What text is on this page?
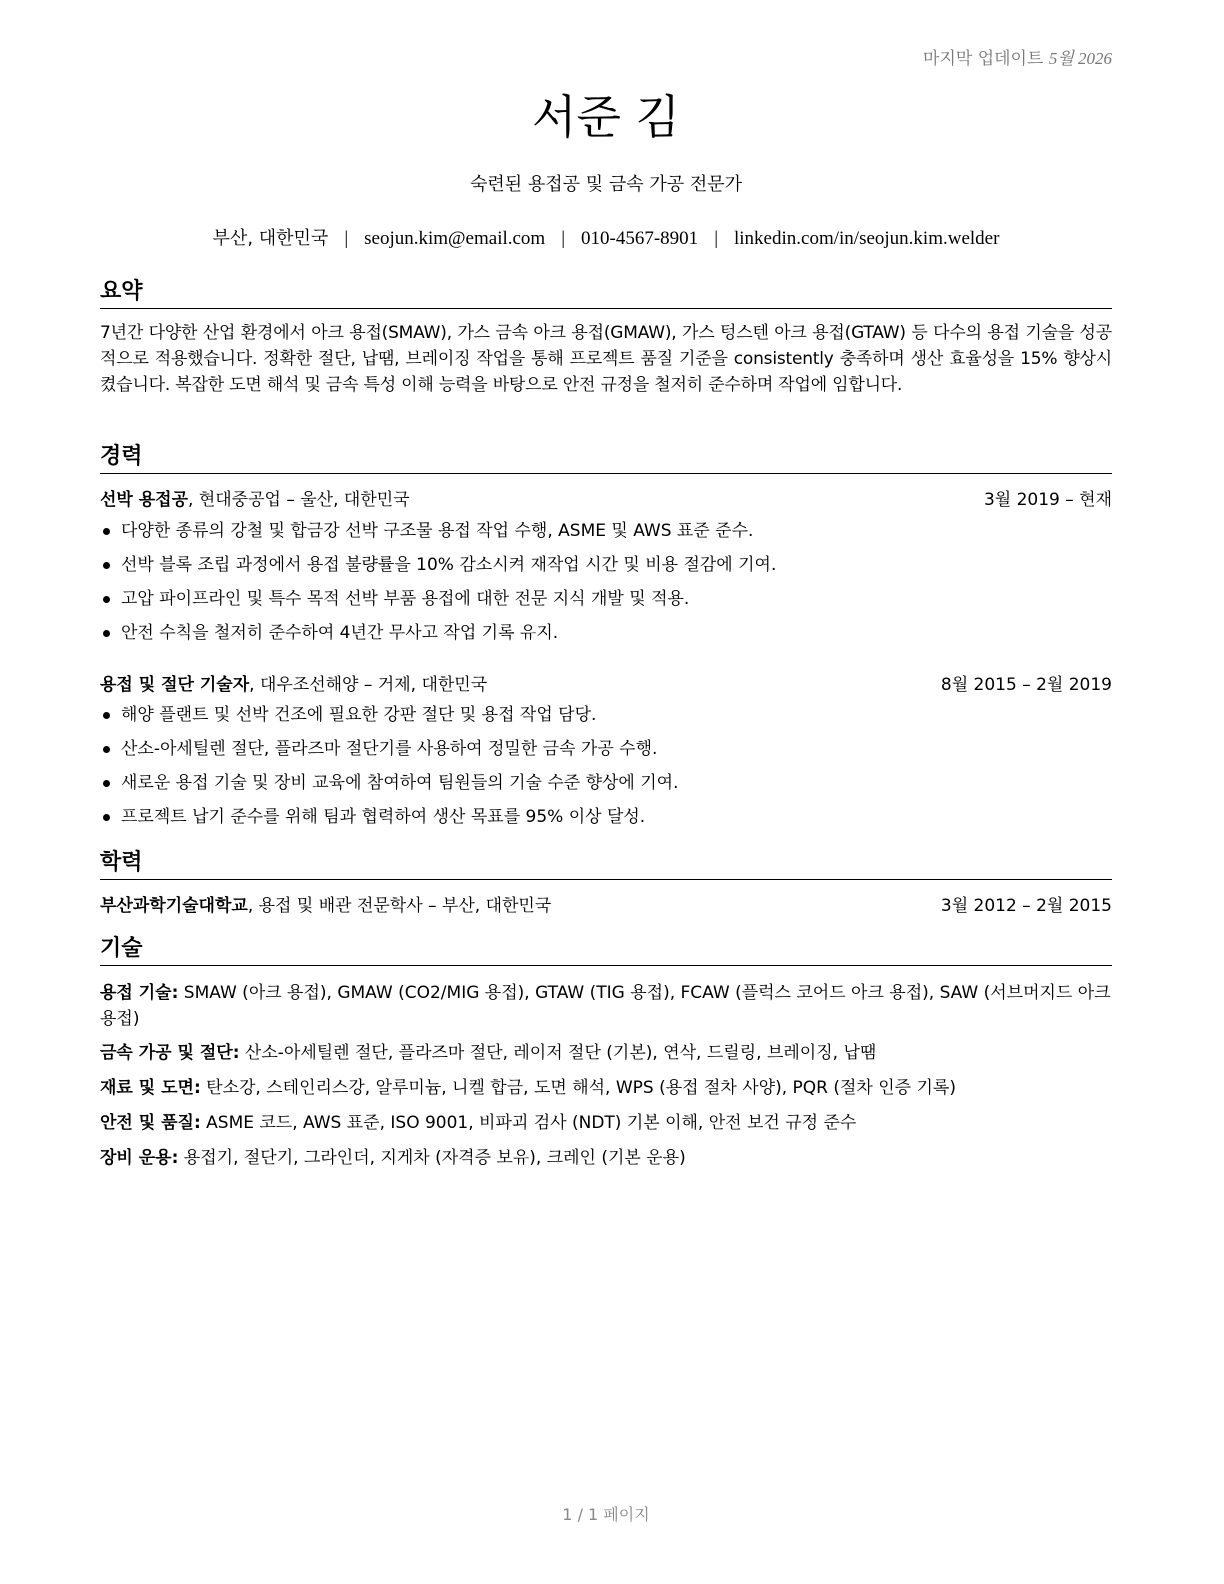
마지막 업데이트 5월 2026
서준 김
숙련된 용접공 및 금속 가공 전문가
부산, 대한민국 | seojun.kim@email.com | 010-4567-8901 | linkedin.com/in/seojun.kim.welder
요약
7년간 다양한 산업 환경에서 아크 용접(SMAW), 가스 금속 아크 용접(GMAW), 가스 텅스텐 아크 용접(GTAW) 등 다수의 용접 기술을 성공적으로 적용했습니다. 정확한 절단, 납땜, 브레이징 작업을 통해 프로젝트 품질 기준을 consistently 충족하며 생산 효율성을 15% 향상시켰습니다. 복잡한 도면 해석 및 금속 특성 이해 능력을 바탕으로 안전 규정을 철저히 준수하며 작업에 임합니다.
경력
선박 용접공, 현대중공업 – 울산, 대한민국	3월 2019 – 현재
다양한 종류의 강철 및 합금강 선박 구조물 용접 작업 수행, ASME 및 AWS 표준 준수.
선박 블록 조립 과정에서 용접 불량률을 10% 감소시켜 재작업 시간 및 비용 절감에 기여.
고압 파이프라인 및 특수 목적 선박 부품 용접에 대한 전문 지식 개발 및 적용.
안전 수칙을 철저히 준수하여 4년간 무사고 작업 기록 유지.
용접 및 절단 기술자, 대우조선해양 – 거제, 대한민국	8월 2015 – 2월 2019
해양 플랜트 및 선박 건조에 필요한 강판 절단 및 용접 작업 담당.
산소-아세틸렌 절단, 플라즈마 절단기를 사용하여 정밀한 금속 가공 수행.
새로운 용접 기술 및 장비 교육에 참여하여 팀원들의 기술 수준 향상에 기여.
프로젝트 납기 준수를 위해 팀과 협력하여 생산 목표를 95% 이상 달성.
학력
부산과학기술대학교, 용접 및 배관 전문학사 – 부산, 대한민국	3월 2012 – 2월 2015
기술
용접 기술: SMAW (아크 용접), GMAW (CO2/MIG 용접), GTAW (TIG 용접), FCAW (플럭스 코어드 아크 용접), SAW (서브머지드 아크 용접)
금속 가공 및 절단: 산소-아세틸렌 절단, 플라즈마 절단, 레이저 절단 (기본), 연삭, 드릴링, 브레이징, 납땜
재료 및 도면: 탄소강, 스테인리스강, 알루미늄, 니켈 합금, 도면 해석, WPS (용접 절차 사양), PQR (절차 인증 기록)
안전 및 품질: ASME 코드, AWS 표준, ISO 9001, 비파괴 검사 (NDT) 기본 이해, 안전 보건 규정 준수
장비 운용: 용접기, 절단기, 그라인더, 지게차 (자격증 보유), 크레인 (기본 운용)
1 / 1 페이지
